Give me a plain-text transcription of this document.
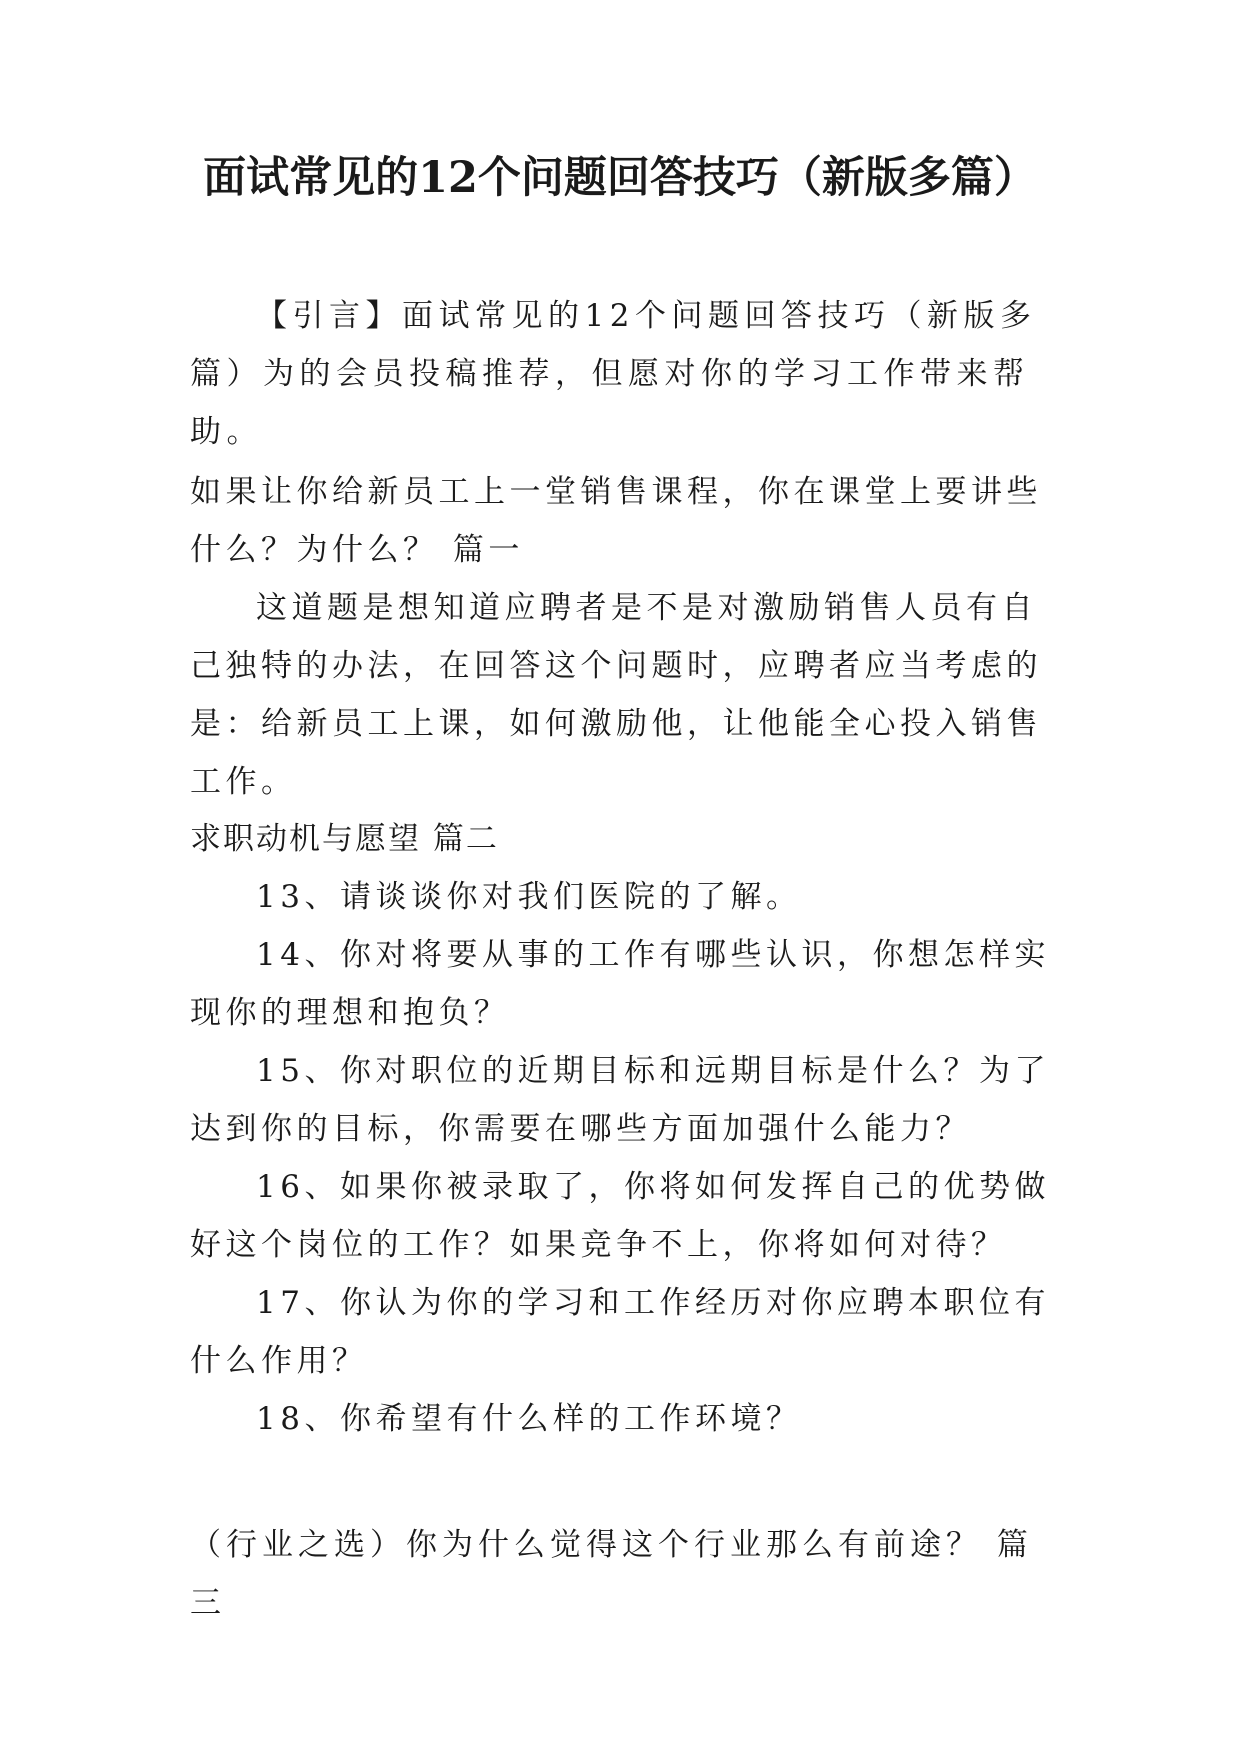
面试常见的12个问题回答技巧（新版多篇）

【引言】面试常见的12个问题回答技巧（新版多篇）为的会员投稿推荐，但愿对你的学习工作带来帮助。

如果让你给新员工上一堂销售课程，你在课堂上要讲些什么？为什么？ 篇一

这道题是想知道应聘者是不是对激励销售人员有自己独特的办法，在回答这个问题时，应聘者应当考虑的是：给新员工上课，如何激励他，让他能全心投入销售工作。

求职动机与愿望 篇二

13、请谈谈你对我们医院的了解。
14、你对将要从事的工作有哪些认识，你想怎样实现你的理想和抱负？
15、你对职位的近期目标和远期目标是什么？为了达到你的目标，你需要在哪些方面加强什么能力？
16、如果你被录取了，你将如何发挥自己的优势做好这个岗位的工作？如果竞争不上，你将如何对待？
17、你认为你的学习和工作经历对你应聘本职位有什么作用？
18、你希望有什么样的工作环境？

（行业之选）你为什么觉得这个行业那么有前途？ 篇三
